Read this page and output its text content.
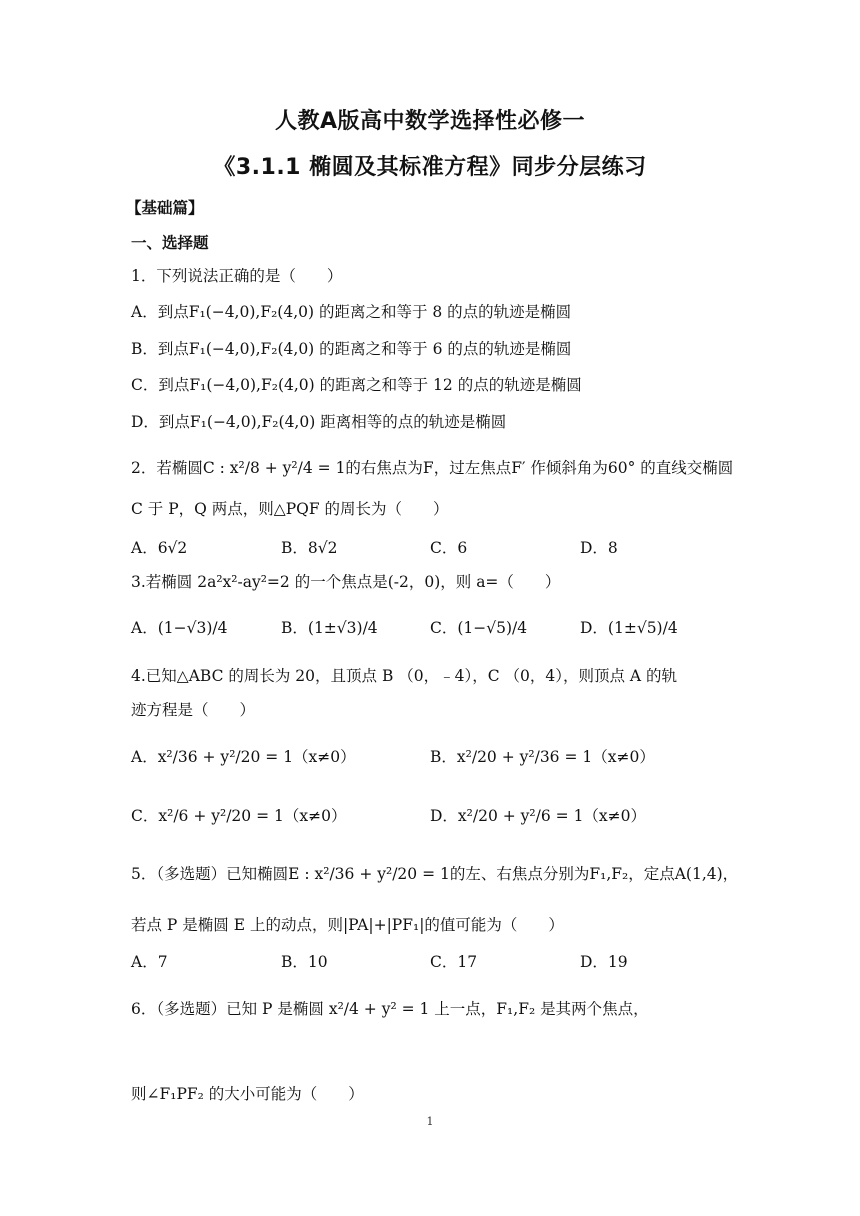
人教A版高中数学选择性必修一
《3.1.1 椭圆及其标准方程》同步分层练习
【基础篇】
一、选择题
1．下列说法正确的是（　　）
A．到点F₁(−4,0),F₂(4,0) 的距离之和等于 8 的点的轨迹是椭圆
B．到点F₁(−4,0),F₂(4,0) 的距离之和等于 6 的点的轨迹是椭圆
C．到点F₁(−4,0),F₂(4,0) 的距离之和等于 12 的点的轨迹是椭圆
D．到点F₁(−4,0),F₂(4,0) 距离相等的点的轨迹是椭圆
2．若椭圆C : x²/8 + y²/4 = 1的右焦点为F，过左焦点F′ 作倾斜角为60° 的直线交椭圆
C 于 P，Q 两点，则△PQF 的周长为（　　）
A．6√2	B．8√2	C．6	D．8
3.若椭圆 2a²x²-ay²=2 的一个焦点是(-2，0)，则 a=（　　）
A．(1−√3)/4	B．(1±√3)/4	C．(1−√5)/4	D．(1±√5)/4
4.已知△ABC 的周长为 20，且顶点 B （0，﹣4），C （0，4），则顶点 A 的轨
迹方程是（　　）
A．x²/36 + y²/20 = 1（x≠0）	B．x²/20 + y²/36 = 1（x≠0）
C．x²/6 + y²/20 = 1（x≠0）	D．x²/20 + y²/6 = 1（x≠0）
5．（多选题）已知椭圆E : x²/36 + y²/20 = 1的左、右焦点分别为F₁,F₂，定点A(1,4)，
若点 P 是椭圆 E 上的动点，则|PA|+|PF₁|的值可能为（　　）
A．7	B．10	C．17	D．19
6．（多选题）已知 P 是椭圆 x²/4 + y² = 1 上一点，F₁,F₂ 是其两个焦点，
则∠F₁PF₂ 的大小可能为（　　）
1
